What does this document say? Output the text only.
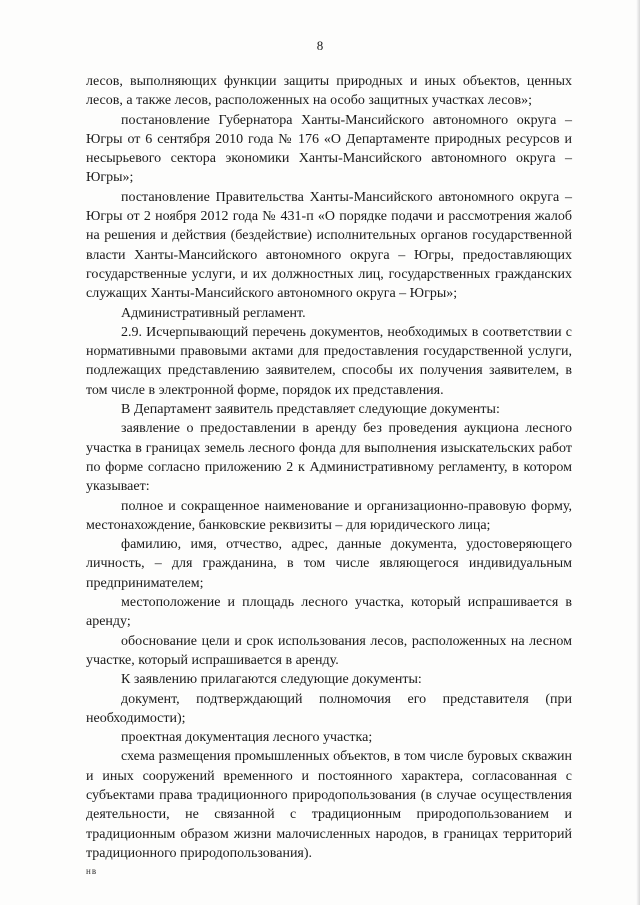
8

лесов, выполняющих функции защиты природных и иных объектов, ценных лесов, а также лесов, расположенных на особо защитных участках лесов»;

постановление Губернатора Ханты-Мансийского автономного округа – Югры от 6 сентября 2010 года № 176 «О Департаменте природных ресурсов и несырьевого сектора экономики Ханты-Мансийского автономного округа – Югры»;

постановление Правительства Ханты-Мансийского автономного округа – Югры от 2 ноября 2012 года № 431-п «О порядке подачи и рассмотрения жалоб на решения и действия (бездействие) исполнительных органов государственной власти Ханты-Мансийского автономного округа – Югры, предоставляющих государственные услуги, и их должностных лиц, государственных гражданских служащих Ханты-Мансийского автономного округа – Югры»;

Административный регламент.

2.9. Исчерпывающий перечень документов, необходимых в соответствии с нормативными правовыми актами для предоставления государственной услуги, подлежащих представлению заявителем, способы их получения заявителем, в том числе в электронной форме, порядок их представления.

В Департамент заявитель представляет следующие документы:

заявление о предоставлении в аренду без проведения аукциона лесного участка в границах земель лесного фонда для выполнения изыскательских работ по форме согласно приложению 2 к Административному регламенту, в котором указывает:

полное и сокращенное наименование и организационно-правовую форму, местонахождение, банковские реквизиты – для юридического лица;

фамилию, имя, отчество, адрес, данные документа, удостоверяющего личность, – для гражданина, в том числе являющегося индивидуальным предпринимателем;

местоположение и площадь лесного участка, который испрашивается в аренду;

обоснование цели и срок использования лесов, расположенных на лесном участке, который испрашивается в аренду.

К заявлению прилагаются следующие документы:

документ, подтверждающий полномочия его представителя (при необходимости);

проектная документация лесного участка;

схема размещения промышленных объектов, в том числе буровых скважин и иных сооружений временного и постоянного характера, согласованная с субъектами права традиционного природопользования (в случае осуществления деятельности, не связанной с традиционным природопользованием и традиционным образом жизни малочисленных народов, в границах территорий традиционного природопользования).

нв
